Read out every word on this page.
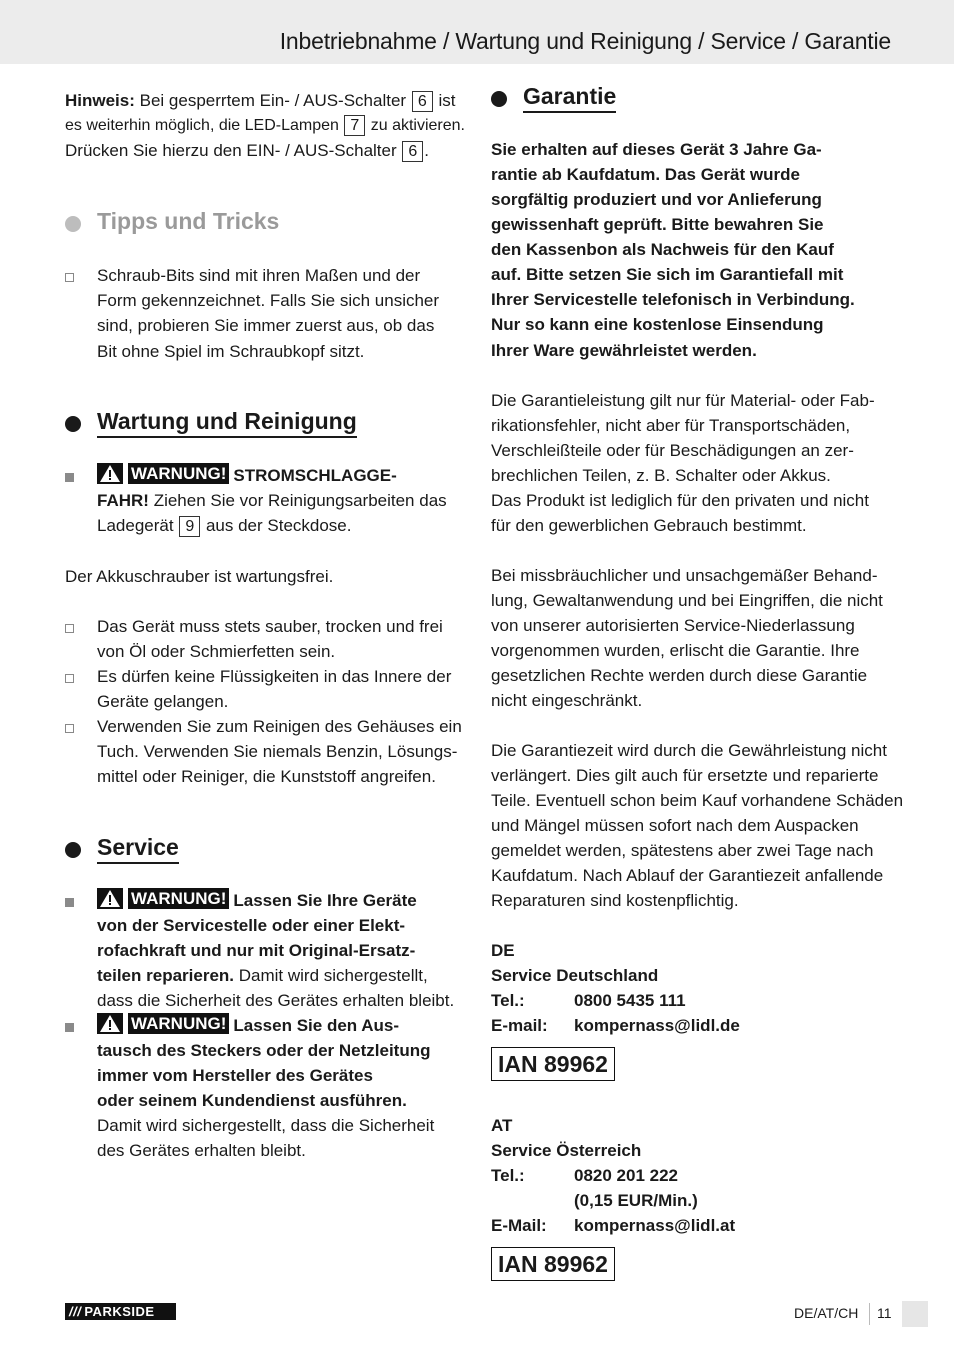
Inbetriebnahme / Wartung und Reinigung / Service / Garantie
Hinweis: Bei gesperrtem Ein- / AUS-Schalter 6 ist
es weiterhin möglich, die LED-Lampen 7 zu aktivieren.
Drücken Sie hierzu den EIN- / AUS-Schalter 6 .
Tipps und Tricks
Schraub-Bits sind mit ihren Maßen und der
Form gekennzeichnet. Falls Sie sich unsicher
sind, probieren Sie immer zuerst aus, ob das
Bit ohne Spiel im Schraubkopf sitzt.
Wartung und Reinigung
WARNUNG! STROMSCHLAGGE-
FAHR! Ziehen Sie vor Reinigungsarbeiten das
Ladegerät 9 aus der Steckdose.
Der Akkuschrauber ist wartungsfrei.
Das Gerät muss stets sauber, trocken und frei
von Öl oder Schmierfetten sein.
Es dürfen keine Flüssigkeiten in das Innere der
Geräte gelangen.
Verwenden Sie zum Reinigen des Gehäuses ein
Tuch. Verwenden Sie niemals Benzin, Lösungs-
mittel oder Reiniger, die Kunststoff angreifen.
Service
WARNUNG! Lassen Sie Ihre Geräte
von der Servicestelle oder einer Elekt-
rofachkraft und nur mit Original-Ersatz-
teilen reparieren. Damit wird sichergestellt,
dass die Sicherheit des Gerätes erhalten bleibt.
WARNUNG! Lassen Sie den Aus-
tausch des Steckers oder der Netzleitung
immer vom Hersteller des Gerätes
oder seinem Kundendienst ausführen.
Damit wird sichergestellt, dass die Sicherheit
des Gerätes erhalten bleibt.
Garantie
Sie erhalten auf dieses Gerät 3 Jahre Ga-
rantie ab Kaufdatum. Das Gerät wurde
sorgfältig produziert und vor Anlieferung
gewissenhaft geprüft. Bitte bewahren Sie
den Kassenbon als Nachweis für den Kauf
auf. Bitte setzen Sie sich im Garantiefall mit
Ihrer Servicestelle telefonisch in Verbindung.
Nur so kann eine kostenlose Einsendung
Ihrer Ware gewährleistet werden.
Die Garantieleistung gilt nur für Material- oder Fab-
rikationsfehler, nicht aber für Transportschäden,
Verschleißteile oder für Beschädigungen an zer-
brechlichen Teilen, z. B. Schalter oder Akkus.
Das Produkt ist lediglich für den privaten und nicht
für den gewerblichen Gebrauch bestimmt.
Bei missbräuchlicher und unsachgemäßer Behand-
lung, Gewaltanwendung und bei Eingriffen, die nicht
von unserer autorisierten Service-Niederlassung
vorgenommen wurden, erlischt die Garantie. Ihre
gesetzlichen Rechte werden durch diese Garantie
nicht eingeschränkt.
Die Garantiezeit wird durch die Gewährleistung nicht
verlängert. Dies gilt auch für ersetzte und reparierte
Teile. Eventuell schon beim Kauf vorhandene Schäden
und Mängel müssen sofort nach dem Auspacken
gemeldet werden, spätestens aber zwei Tage nach
Kaufdatum. Nach Ablauf der Garantiezeit anfallende
Reparaturen sind kostenpflichtig.
DE
Service Deutschland
Tel.:	0800 5435 111
E-mail: kompernass@lidl.de
IAN 89962
AT
Service Österreich
Tel.:	0820 201 222
(0,15 EUR/Min.)
E-Mail: kompernass@lidl.at
IAN 89962
/// PARKSIDE	DE/AT/CH 11
